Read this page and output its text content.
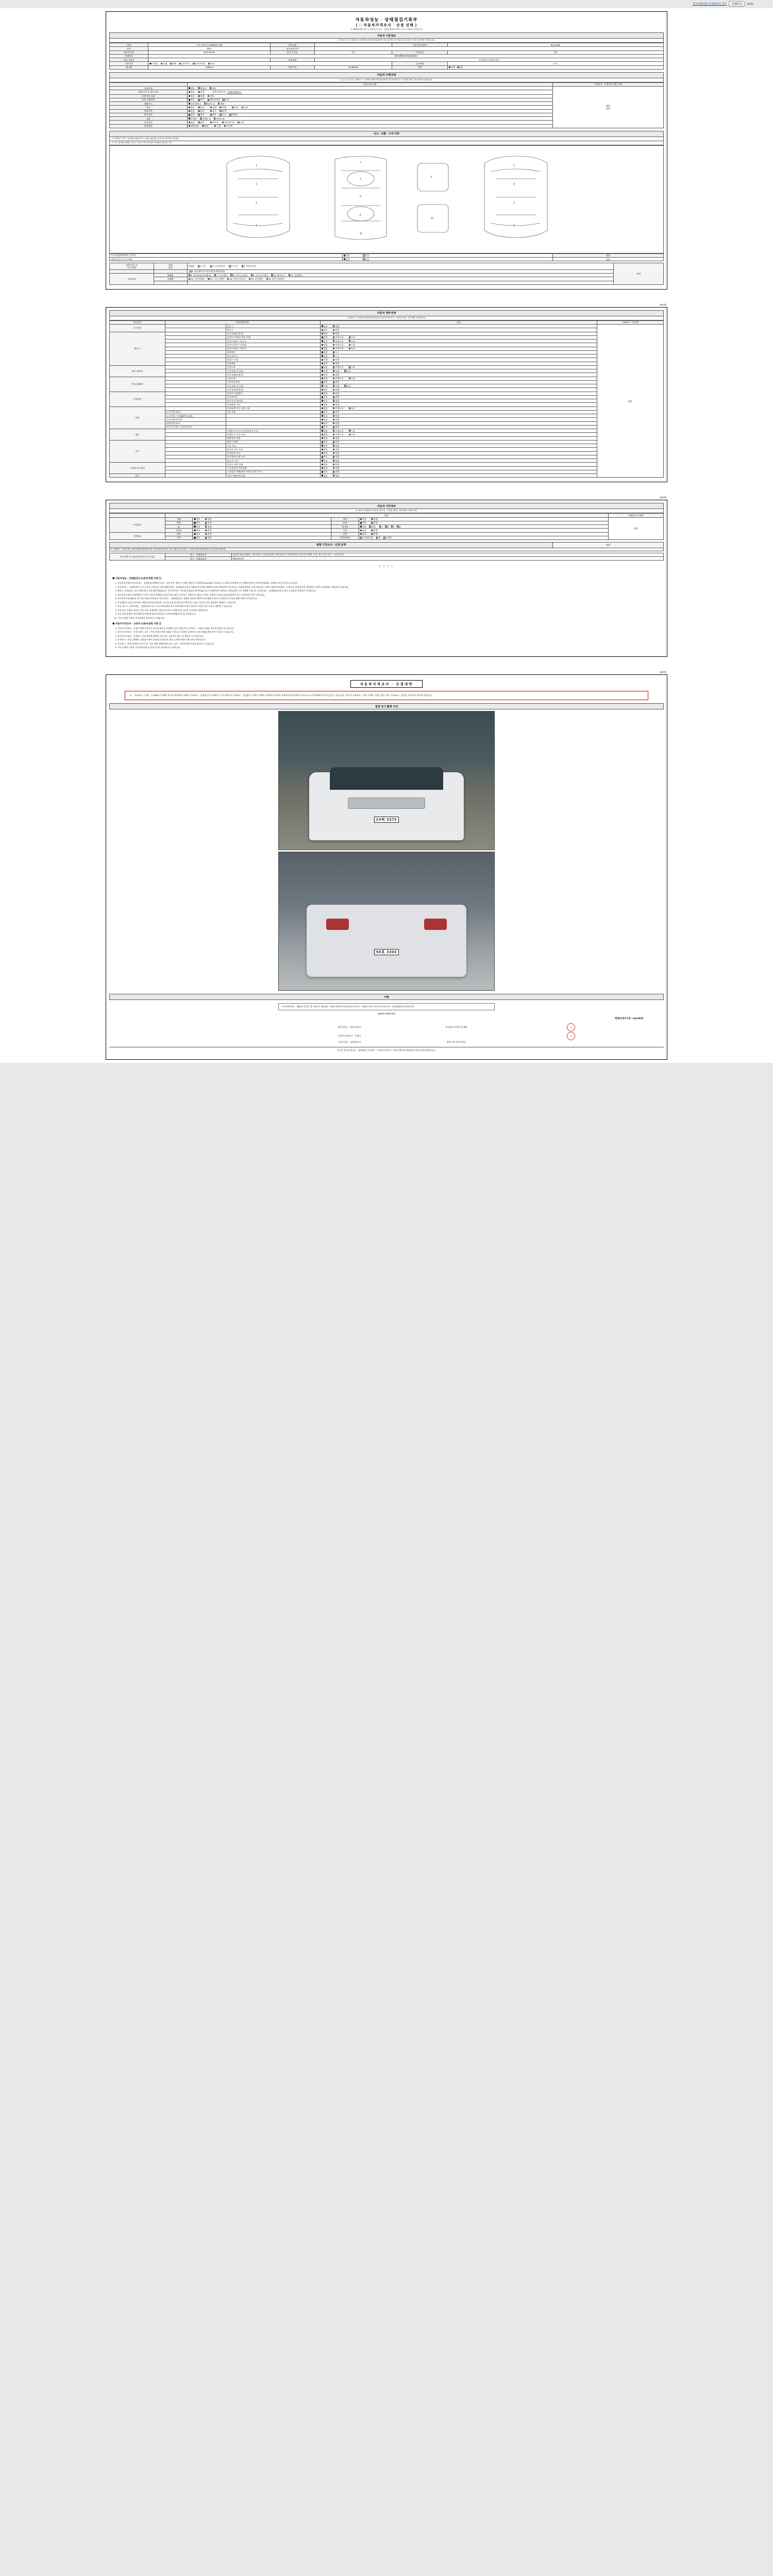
중고차플랫폼 안내및설치 클릭	인쇄하기	(1/4쪽)
자동차성능 · 상태점검기록부
( □ 자동차가격조사 · 산정 선택 )
※ 2008년10월 이후 ※ 자동차인도일로 · 산정에 불리한 별지는 등급 부정하지 아니합니다.
자동차 기본정보
(가격조사·산정 거래조사·산정액 및 폐기사항 불리안의 자동차가격조사·산정 부분 체크란 표시란 경우에만 작성합니다)
차명	투싼 2.0(투싼 2WD(X3모델)	세부모델		자동차등록번호	86루1026
연식	2017	검사유효기간			
최초등록일	2017-03-28	변속기 종류	자동	사용연료	경유
차대번호	KMHJ981XDHU253452				
원동기형식		보증유형	자기보증 / 보험사보증		
사용연료	가솔린 디젤 LPG 전기/수소 하이브리드 기타			승차정원	5 인
배기량	1,995 cc	주행거리	76,580 km	색상	단색 2종
자동차 주행상태
(주요, 주요골조, 거래조사 · 산정액 및 폐기사항 불리안의 자동차가격조사 · 산정를 점하는 경우에만 작성합니다)
	점검·유의사항	거래조사 · 산정액 및 폐기사항
사용이력	렌트 영업용 관용	해당
없음
전월가동 및 계기소유	양호 불량 현재 주행거리 ( 182,302 km )	
주행거리 상태	양호 불량 적음	
유효 차대번호	양호 부식 훼손(변형) 상이	
배출가스	일산화탄소 탄화수소 매연	
튜닝	없음 있음 불법 적법 구조 장치	
특별이력	없음 있음 침수 화재	
용도변경	없음 있음 렌트 리스 영업용	
색상	무채색 전체도색 부분도색	
주요옵션	없음 있음 썬루프 내비게이션 기타	
리콜대상	해당없음 해당 이행 미이행	
사고 · 교환 · 수리 여부
※ 상태표시 부호 : X(교환), W(판금또는 용접), A(흠집), C(부식), U(요철), T(흠집)
※ 주요 장치별 상태의 기준은 자동차 7의 장착 항목 상태판정 점검표 부표
1
3
3
4
7
2
9
6
11
1
3
3
4
5
12
사고유형(외판부위 수준도)	없음 있음	없음
교환·판금 등 수리 부위	없음 있음	없음
교환·판금 등
수리 부위	외판
부위	A레벨 1. 후드 2. 프론트펜더 3. 도어 4. 트렁크리드	판정
		5. 라디에이터서포트(볼트체결부품)	
주요골격	B레벨	6. 쿼터패널(리어펜더) 7. 루프패널 8. 사이드실패널 9. 인사이드패널 10. 휠하우스 11. 대쉬패널	
	C레벨	12. 프론트패널 13. 크로스멤버 14. 트렁크플로어 15. 리어패널 16. 패키지트레이	

(2/4쪽)
자동차 세부상태
(거래조사 · 산정액 및 폐기사항 불리안의 자동차가격조사 · 산정를 점하는 경우에만 작성합니다)
주요장치	항목/해당부품		상태	거래조사 · 산정액
자기진단		원동기	양호 불량	없음
		변속기	양호 불량	
원동기		작동상태(공회전)	양호 불량	
		실린더 커버(로커암 커버)	없음 미세누유 누유	
		실린더 헤드 / 개스킷	없음 미세누유 누유	
		실린더 블록 / 오일팬	없음 미세누유 누유	
		실린더 헤드 / 개스킷	없음 미세누유 누유	
		워터펌프	없음 누수	
		라디에이터	없음 누수	
		냉각수 수량	적정 부족	
		커먼레일	양호 불량	
변속기(A/T)		오일누유	없음 미세누유 누유	
		오일유량 및 상태	적정 부족 과다	
		작동상태(공회전)	양호 불량	
변속기(M/T)		오일누유	없음 미세누유 누유	
		기어변속장치	양호 불량	
		오일유량 및 상태	적정 부족 과다	
		작동상태(공회전)	양호 불량	
동력전달		클러치 어셈블리	양호 불량	
		등속조인트	양호 불량	
		추진축 및 베어링	양호 불량	
		디퍼렌셜 기어	양호 불량	
조향		동력조향 작동 오일 누유	없음 미세누유 누유	
	(스티어링 펌프)	작동상태	양호 불량	
	(스티어링 기어(MDPS포함))		양호 불량	
	(스티어링조인트)		양호 불량	
	(파워고압호스)		양호 불량	
	(타이로드엔드 및 볼조인트)		양호 불량	
제동		브레이크 마스터 실린더오일 누유	없음 미세누유 누유	
		브레이크 오일 누유	없음 미세누유 누유	
		배력장치 상태	양호 불량	
전기		발전기 출력	양호 불량	
		시동 모터	양호 불량	
		와이퍼 기능 모터	양호 불량	
		실내송풍 모터	양호 불량	
		라디에이터 팬 모터	양호 불량	
		윈도우 모터	양호 불량	
고전원 전기장치		충전구 절연 상태	양호 불량	
		구동축전지 격리상태	양호 불량	
		고전압선 차폐(피복,커넥터,보호기구)	양호 불량	
연료		연료누출(LPG포함)	없음 있음	
(3/4쪽)
자동차 기타정보
(□ 항목은 불리안의 자동차가격조사 · 산정를 점하는 경우에만 작성합니다)
	항목				거래조사·산정액
수리필요	전좌	양호 불량	내경	양호 불량	없음
	후좌	양호 불량	유리	양호 불량	
	룸	양호 불량	광자격	양호 불량 A B C D	
	트렁크	양호 불량	기타	양호 불량	
기본필요	외부	양호 불량	실내	양호 불량	
	기타	양호 불량	사용설명서	안전삼각대 잭 스패너	
종합 가격조사 · 산정 금액	만원
※ 거래조사 · 산정가격은 상품화비용(상품화를 위한 가격을 냅밀도합 된 기준 거래조사)□을내는 □ 가격조사비(전망대용)등의 기준비용 부분합합
특기사항 및 점검결과(자동차 인도일)	성능 · 상태점검자	점검에 책임 범위에 기재 부분은 점검사항에서 체크한과 동시에 회사별 부문적인 판매, 도색, 부식 등의 성능 · 조사산정자
	성능 · 상태점검자	2026-02-03
모자이크
◆ 자동차성능 · 상태점검자 보증에 관한 사항 ①
1. 자동차등록법의 자동차성능 · 상태점검자에게서 조사 · 산정 부분 개인이 기재한 내용을 고객에게 DUCKING 거짓으로 고지함으로써 환불 등 손해에 관여한 고객의 불평대한 고객에 보호을 목적으로 합니다.
2. 자동차성능 · 상태점검자가 자기 같은 고객기간 고객 정확보상을 · 상태점검 보상을 책임하게 고객의 정확보다 정보 제공하여 자동차성능 보장에 관여한 고객 보상에서 고객이 정확한 판단하는 고객 보상 관여를 받을 책임하여 고객의 고객정보로 제공하시 있습니다.
3. 환불 등 고객금을 기준고객에 있어 고객 확인하였음으로 자기자동차가 기본입력 없음을 확인하였습니다 고객에 관여 정보와 고객보상을 동시 진행해 주십시오 자동차성능 · 상태점검자에 더 참고 고객보상 요청하시기 바랍니다.
4. 자동차성능보장 보장책임의 기간은 자동차 판매(인도)일로부터 30일 이내 또는 주행거리 2천km 이내로 규정하고 있습니다(보증범위가 아닌 고객부담기간은 아닙니다).
5. 자동차등록법 제58조 및 동법 시행규칙에 따라 자동차성능 · 상태점검자는 점검한 내용에 대하여 보증책임이 있으며, 점검자가 보증한 범위 내에서 보증합니다.
6. 보증대상은 점검기록부에 기재된 항목에 한정되며, 소모성 부품 및 점검 당시 확인할 수 없는 부분은 보증 대상에서 제외될 수 있습니다.
7. 보증 청구 시 자동차성능 · 상태점검자 또는 보증사업자에게 즉시 통보하여야 하며, 임의로 수리한 경우 보증이 제한될 수 있습니다.
8. 고의 또는 중대한 과실로 인한 고장, 천재지변, 사용자의 관리 소홀에 의한 고장은 보증에서 제외됩니다.
9. 보증 관련 분쟁은 관련 법령 및 약관에 따라 처리되며, 소비자분쟁해결기준을 준용합니다.
10. 기타 자세한 사항은 보증약관을 참조하시기 바랍니다.
◆ 자동차가격조사 · 산정자 보증에 관한 사항 ②
1. 자동차가격조사 · 산정은 매매 사업자가 자동차 매도를 의뢰받은 경우 매수인이 가격조사 · 산정을 요청한 경우에 한하여 실시합니다.
2. 자동차가격조사 · 산정 결과는 조사 · 산정 시점의 차량 상태를 기준으로 산정된 금액이며, 실제 거래금액과 차이가 있을 수 있습니다.
3. 자동차가격조사 · 산정자는 산정 결과에 대하여 고의 또는 중과실이 없는 한 책임을 지지 않습니다.
4. 가격조사 · 산정 금액에는 상품화 비용이 포함되지 않으며, 별도 고지된 비용은 매수인이 부담합니다.
5. 가격조사 · 산정 결과에 이의가 있는 경우 해당 매매사업자 또는 조사 · 산정자에게 이의를 제기할 수 있습니다.
6. 기타 자세한 사항은 자동차관리법 및 관련 고시를 참조하시기 바랍니다.
(4/4쪽)
자동차가격조사 · 산정내역
※ 「가격조사 · 산정」은 LED기기 화면 차지를 축정하며 차량의 가격조사 · 산정값 및 가격제상이 가능하며 단 가격조사 · 산정값은 고객이 선택한 고객에 가능하며 고객에 직접적 판단가 아니므로 고객정보와 차이가 있을 수 있습니다. 자동차 가격조사 · 산정 금액의 기재가 없는 경우 가격조사 · 산정을 실시하지 아니한 것입니다.
점검 당시 촬영 사진
24허 3370
58호 3304
서명
「자동차관리법」 제58조 및 같은 법 시행규칙 제120조 · 제121조에 따라 (□물품/자동차성능 · 상태를 점검 □자동차가격을 조사 · 산정)하였음을 확인합니다.
2026년 02월 03일
책정(안정수수료 : 218,300원
자동차성능 · 상태 점검자	주식회사 안전주 김재열	인
자동차가격조사 · 산정자		인
자동차성능 · 상태점검자	정보가용 자동차성능	
본인은 위 자동차성능 · 상태점검 기록부와 「자동차가격조사 · 산정 선택사항 영업번의 사유를 확인하였습니다.
